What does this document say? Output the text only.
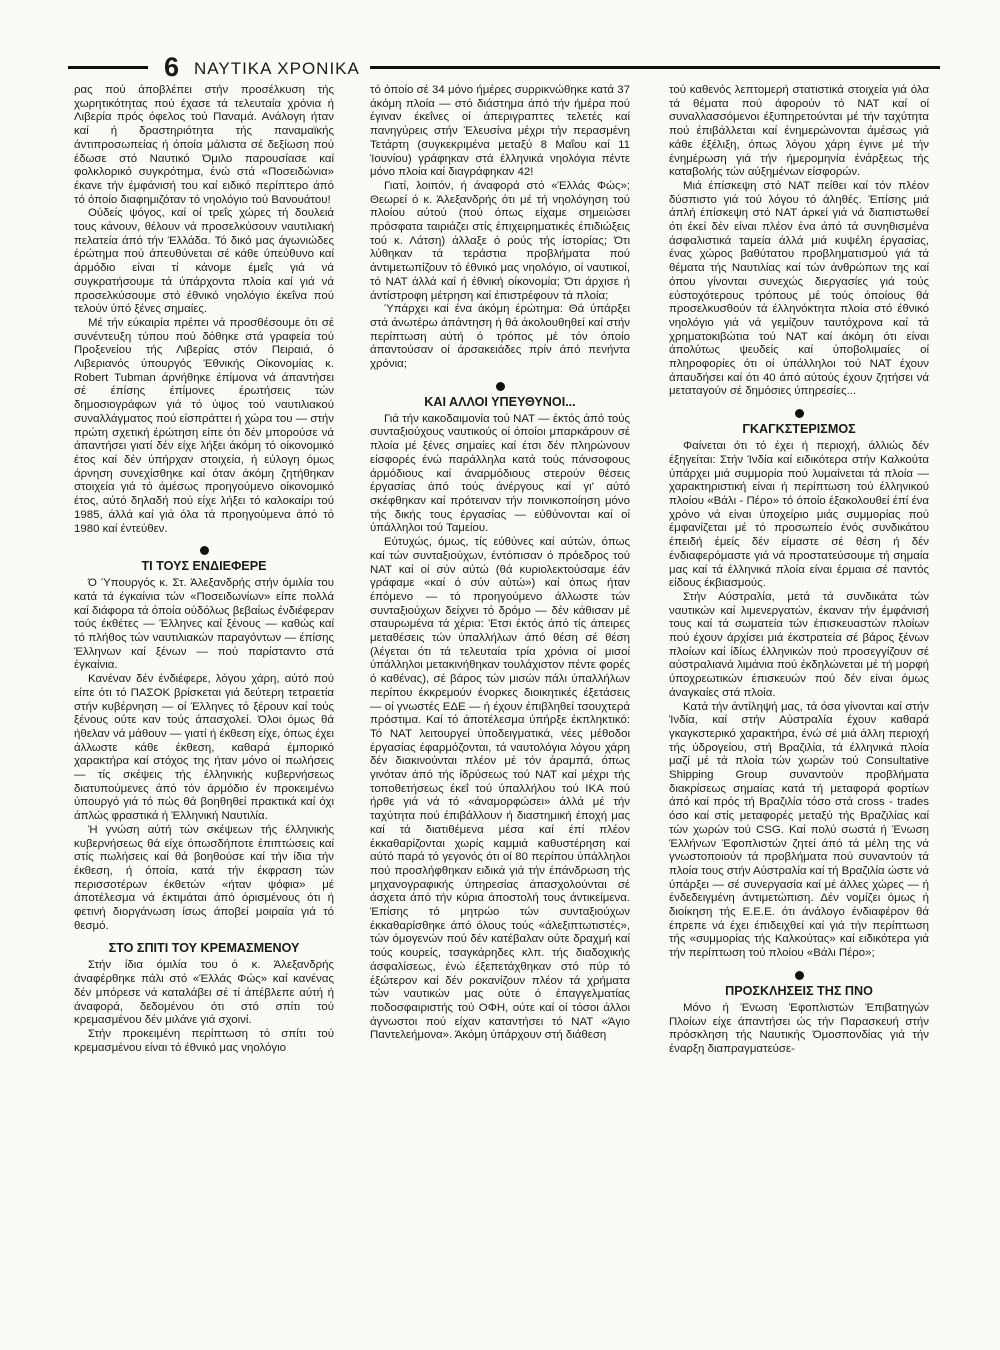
6 ΝΑΥΤΙΚΑ ΧΡΟΝΙΚΑ

ρας πού άποβλέπει στήν προσέλκυση τής χωρητικότητας πού έχασε τά τελευταία χρόνια ή Λιβερία πρός όφελος τού Παναμά. Ανάλογη ήταν καί ή δραστηριότητα τής παναμαϊκής άντιπροσωπείας ή όποία μάλιστα σέ δεξίωση πού έδωσε στό Ναυτικό Όμιλο παρουσίασε καί φολκλορικό συγκρότημα, ένώ στά «Ποσειδώνια» έκανε τήν έμφάνισή του καί ειδικό περίπτερο άπό τό όποίο διαφημιζόταν τό νηολόγιο τού Βανουάτου!

Ούδείς ψόγος, καί οί τρεΐς χώρες τή δουλειά τους κάνουν, θέλουν νά προσελκύσουν ναυτιλιακή πελατεία άπό τήν Έλλάδα. Τό δικό μας άγωνιώδες έρώτημα πού άπευθύνεται σέ κάθε ύπεύθυνο καί άρμόδιο είναι τί κάνομε έμεΐς γιά νά συγκρατήσουμε τά ύπάρχοντα πλοία καί γιά νά προσελκύσουμε στό έθνικό νηολόγιο έκεΐνα πού τελούν ύπό ξένες σημαίες.

Μέ τήν εύκαιρία πρέπει νά προσθέσουμε ότι σέ συνέντευξη τύπου πού δόθηκε στά γραφεία τού Προξενείου τής Λιβερίας στόν Πειραιά, ό Λιβεριανός ύπουργός Έθνικής Οίκονομίας κ. Robert Tubman άρνήθηκε έπίμονα νά άπαντήσει σέ έπίσης έπίμονες έρωτήσεις τών δημοσιογράφων γιά τό ύψος τού ναυτιλιακού συναλλάγματος πού είσπράττει ή χώρα του — στήν πρώτη σχετική έρώτηση είπε ότι δέν μπορούσε νά άπαντήσει γιατί δέν είχε λήξει άκόμη τό οίκονομικό έτος καί δέν ύπήρχαν στοιχεία, ή εύλογη όμως άρνηση συνεχίσθηκε καί όταν άκόμη ζητήθηκαν στοιχεία γιά τό άμέσως προηγούμενο οίκονομικό έτος, αύτό δηλαδή πού είχε λήξει τό καλοκαίρι τού 1985, άλλά καί γιά όλα τά προηγούμενα άπό τό 1980 καί έντεύθεν.

ΤΙ ΤΟΥΣ ΕΝΔΙΕΦΕΡΕ

Ό Ύπουργός κ. Στ. Άλεξανδρής στήν όμιλία του κατά τά έγκαίνια τών «Ποσειδωνίων» είπε πολλά καί διάφορα τά όποία ούδόλως βεβαίως ένδιέφεραν τούς έκθέτες — Έλληνες καί ξένους — καθώς καί τό πλήθος τών ναυτιλιακών παραγόντων — έπίσης Έλληνων καί ξένων — πού παρίσταντο στά έγκαίνια.

Κανέναν δέν ένδιέφερε, λόγου χάρη, αύτό πού είπε ότι τό ΠΑΣΟΚ βρίσκεται γιά δεύτερη τετραετία στήν κυβέρνηση — οί Έλληνες τό ξέρουν καί τούς ξένους ούτε καν τούς άπασχολεί. Όλοι όμως θά ήθελαν νά μάθουν — γιατί ή έκθεση είχε, όπως έχει άλλωστε κάθε έκθεση, καθαρά έμπορικό χαρακτήρα καί στόχος της ήταν μόνο οί πωλήσεις — τίς σκέψεις τής έλληνικής κυβερνήσεως διατυπούμενες άπό τόν άρμόδιο έν προκειμένω ύπουργό γιά τό πώς θά βοηθηθεί πρακτικά καί όχι άπλώς φραστικά ή Έλληνική Ναυτιλία.

Ή γνώση αύτή τών σκέψεων τής έλληνικής κυβερνήσεως θά είχε όπωσδήποτε έπιπτώσεις καί στίς πωλήσεις καί θά βοηθούσε καί τήν ίδια τήν έκθεση, ή όποία, κατά τήν έκφραση τών περισσοτέρων έκθετών «ήταν ψόφια» μέ άποτέλεσμα νά έκτιμάται άπό όρισμένους ότι ή φετινή διοργάνωση ίσως άποβεί μοιραία γιά τό θεσμό.

ΣΤΟ ΣΠΙΤΙ ΤΟΥ ΚΡΕΜΑΣΜΕΝΟΥ

Στήν ίδια όμιλία του ό κ. Άλεξανδρής άναφέρθηκε πάλι στό «Έλλάς Φώς» καί κανένας δέν μπόρεσε νά καταλάβει σέ τί άπέβλεπε αύτή ή άναφορά, δεδομένου ότι στό σπίτι τού κρεμασμένου δέν μιλάνε γιά σχοινί.

Στήν προκειμένη περίπτωση τό σπίτι τού κρεμασμένου είναι τό έθνικό μας νηολόγιο

τό όποίο σέ 34 μόνο ήμέρες συρρικνώθηκε κατά 37 άκόμη πλοία — στό διάστημα άπό τήν ήμέρα πού έγιναν έκεΐνες οί άπεριγραπτες τελετές καί πανηγύρεις στήν Έλευσίνα μέχρι τήν περασμένη Τετάρτη (συγκεκριμένα μεταξύ 8 Μαΐου καί 11 Ίουνίου) γράφηκαν στά έλληνικά νηολόγια πέντε μόνο πλοία καί διαγράφηκαν 42!

Γιατί, λοιπόν, ή άναφορά στό «Έλλάς Φώς»; Θεωρεί ό κ. Άλεξανδρής ότι μέ τή νηολόγηση τού πλοίου αύτού (πού όπως είχαμε σημειώσει πρόσφατα ταιριάζει στίς έπιχειρηματικές έπιδιώξεις τού κ. Λάτση) άλλαξε ό ρούς τής ίστορίας; Ότι λύθηκαν τά τεράστια προβλήματα πού άντιμετωπίζουν τό έθνικό μας νηολόγιο, οί ναυτικοί, τό ΝΑΤ άλλά καί ή έθνική οίκονομία; Ότι άρχισε ή άντίστροφη μέτρηση καί έπιστρέφουν τά πλοία;

Ύπάρχει καί ένα άκόμη έρώτημα: Θά ύπάρξει στά άνωτέρω άπάντηση ή θά άκολουθηθεί καί στήν περίπτωση αύτή ό τρόπος μέ τόν όποίο άπαντούσαν οί άρσακειάδες πρίν άπό πενήντα χρόνια;

ΚΑΙ ΑΛΛΟΙ ΥΠΕΥΘΥΝΟΙ...

Γιά τήν κακοδαιμονία τού ΝΑΤ — έκτός άπό τούς συνταξιούχους ναυτικούς οί όποίοι μπαρκάρουν σέ πλοία μέ ξένες σημαίες καί έτσι δέν πληρώνουν είσφορές ένώ παράλληλα κατά τούς πάνσοφους άρμόδιους καί άναρμόδιους στερούν θέσεις έργασίας άπό τούς άνέργους καί γι' αύτό σκέφθηκαν καί πρότειναν τήν ποινικοποίηση μόνο τής δικής τους έργασίας — εύθύνονται καί οί ύπάλληλοι τού Ταμείου.

Εύτυχώς, όμως, τίς εύθύνες καί αύτών, όπως καί τών συνταξιούχων, έντόπισαν ό πρόεδρος τού ΝΑΤ καί οί σύν αύτώ (θά κυριολεκτούσαμε έάν γράφαμε «καί ό σύν αύτώ») καί όπως ήταν έπόμενο — τό προηγούμενο άλλωστε τών συνταξιούχων δείχνει τό δρόμο — δέν κάθισαν μέ σταυρωμένα τά χέρια: Έτσι έκτός άπό τίς άπειρες μεταθέσεις τών ύπαλλήλων άπό θέση σέ θέση (λέγεται ότι τά τελευταία τρία χρόνια οί μισοί ύπάλληλοι μετακινήθηκαν τουλάχιστον πέντε φορές ό καθένας), σέ βάρος τών μισών πάλι ύπαλλήλων περίπου έκκρεμούν ένορκες διοικητικές έξετάσεις — οί γνωστές ΕΔΕ — ή έχουν έπιβληθεί τσουχτερά πρόστιμα. Καί τό άποτέλεσμα ύπήρξε έκπληκτικό: Τό ΝΑΤ λειτουργεί ύποδειγματικά, νέες μέθοδοι έργασίας έφαρμόζονται, τά ναυτολόγια λόγου χάρη δέν διακινούνται πλέον μέ τόν άραμπά, όπως γινόταν άπό τής ίδρύσεως τού ΝΑΤ καί μέχρι τής τοποθετήσεως έκεΐ τού ύπαλλήλου τού ΙΚΑ πού ήρθε γιά νά τό «άναμορφώσει» άλλά μέ τήν ταχύτητα πού έπιβάλλουν ή διαστημική έποχή μας καί τά διατιθέμενα μέσα καί έπί πλέον έκκαθαρίζονται χωρίς καμμιά καθυστέρηση καί αύτό παρά τό γεγονός ότι οί 80 περίπου ύπάλληλοι πού προσλήφθηκαν ειδικά γιά τήν έπάνδρωση τής μηχανογραφικής ύπηρεσίας άπασχολούνται σέ άσχετα άπό τήν κύρια άποστολή τους άντικείμενα. Έπίσης τό μητρώο τών συνταξιούχων έκκαθαρίσθηκε άπό όλους τούς «άλεξιπτωτιστές», τών όμογενών πού δέν κατέβαλαν ούτε δραχμή καί τούς κουρείς, τσαγκάρηδες κλπ. τής διαδοχικής άσφαλίσεως, ένώ έξεπετάχθηκαν στό πύρ τό έξώτερον καί δέν ροκανίζουν πλέον τά χρήματα τών ναυτικών μας ούτε ό έπαγγελματίας ποδοσφαιριστής τού ΟΦΗ, ούτε καί οί τόσοι άλλοι άγνωστοι πού είχαν καταντήσει τό ΝΑΤ «Άγιο Παντελεήμονα». Άκόμη ύπάρχουν στή διάθεση

τού καθενός λεπτομερή στατιστικά στοιχεία γιά όλα τά θέματα πού άφορούν τό ΝΑΤ καί οί συναλλασσόμενοι έξυπηρετούνται μέ τήν ταχύτητα πού έπιβάλλεται καί ένημερώνονται άμέσως γιά κάθε έξέλιξη, όπως λόγου χάρη έγινε μέ τήν ένημέρωση γιά τήν ήμερομηνία ένάρξεως τής καταβολής τών αύξημένων είσφορών.

Μιά έπίσκεψη στό ΝΑΤ πείθει καί τόν πλέον δύσπιστο γιά τού λόγου τό άληθές. Έπίσης μιά άπλή έπίσκεψη στό ΝΑΤ άρκεί γιά νά διαπιστωθεί ότι έκεί δέν είναι πλέον ένα άπό τά συνηθισμένα άσφαλιστικά ταμεία άλλά μιά κυψέλη έργασίας, ένας χώρος βαθύτατου προβληματισμού γιά τά θέματα τής Ναυτιλίας καί τών άνθρώπων της καί όπου γίνονται συνεχώς διεργασίες γιά τούς εύστοχότερους τρόπους μέ τούς όποίους θά προσελκυσθούν τά έλληνόκτητα πλοία στό έθνικό νηολόγιο γιά νά γεμίζουν ταυτόχρονα καί τά χρηματοκιβώτια τού ΝΑΤ καί άκόμη ότι είναι άπολύτως ψευδείς καί ύποβολιμαίες οί πληροφορίες ότι οί ύπάλληλοι τού ΝΑΤ έχουν άπαυδήσει καί ότι 40 άπό αύτούς έχουν ζητήσει νά μεταταγούν σέ δημόσιες ύπηρεσίες...

ΓΚΑΓΚΣΤΕΡΙΣΜΟΣ

Φαίνεται ότι τό έχει ή περιοχή, άλλιώς δέν έξηγείται: Στήν Ίνδία καί ειδικότερα στήν Καλκούτα ύπάρχει μιά συμμορία πού λυμαίνεται τά πλοία — χαρακτηριστική είναι ή περίπτωση τού έλληνικού πλοίου «Βάλι - Πέρο» τό όποίο έξακολουθεί έπί ένα χρόνο νά είναι ύποχείριο μιάς συμμορίας πού έμφανίζεται μέ τό προσωπείο ένός συνδικάτου έπειδή έμείς δέν είμαστε σέ θέση ή δέν ένδιαφερόμαστε γιά νά προστατεύσουμε τή σημαία μας καί τά έλληνικά πλοία είναι έρμαια σέ παντός είδους έκβιασμούς.

Στήν Αύστραλία, μετά τά συνδικάτα τών ναυτικών καί λιμενεργατών, έκαναν τήν έμφάνισή τους καί τά σωματεία τών έπισκευαστών πλοίων πού έχουν άρχίσει μιά έκστρατεία σέ βάρος ξένων πλοίων καί ίδίως έλληνικών πού προσεγγίζουν σέ αύστραλιανά λιμάνια πού έκδηλώνεται μέ τή μορφή ύποχρεωτικών έπισκευών πού δέν είναι όμως άναγκαίες στά πλοία.

Κατά τήν άντίληψή μας, τά όσα γίνονται καί στήν Ίνδία, καί στήν Αύστραλία έχουν καθαρά γκαγκστερικό χαρακτήρα, ένώ σέ μιά άλλη περιοχή τής ύδρογείου, στή Βραζιλία, τά έλληνικά πλοία μαζί μέ τά πλοία τών χωρών τού Consultative Shipping Group συναντούν προβλήματα διακρίσεως σημαίας κατά τή μεταφορά φορτίων άπό καί πρός τή Βραζιλία τόσο στά cross - trades όσο καί στίς μεταφορές μεταξύ τής Βραζιλίας καί τών χωρών τού CSG. Καί πολύ σωστά ή Ένωση Έλλήνων Έφοπλιστών ζητεί άπό τά μέλη της νά γνωστοποιούν τά προβλήματα πού συναντούν τά πλοία τους στήν Αύστραλία καί τή Βραζιλία ώστε νά ύπάρξει — σέ συνεργασία καί μέ άλλες χώρες — ή ένδεδειγμένη άντιμετώπιση. Δέν νομίζει όμως ή διοίκηση τής Ε.Ε.Ε. ότι άνάλογο ένδιαφέρον θά έπρεπε νά έχει έπιδειχθεί καί γιά τήν περίπτωση τής «συμμορίας τής Καλκούτας» καί ειδικότερα γιά τήν περίπτωση τού πλοίου «Βάλι Πέρο»;

ΠΡΟΣΚΛΗΣΕΙΣ ΤΗΣ ΠΝΟ

Μόνο ή Ένωση Έφοπλιστών Έπιβατηγών Πλοίων είχε άπαντήσει ώς τήν Παρασκευή στήν πρόσκληση τής Ναυτικής Όμοσπονδίας γιά τήν έναρξη διαπραγματεύσε-
